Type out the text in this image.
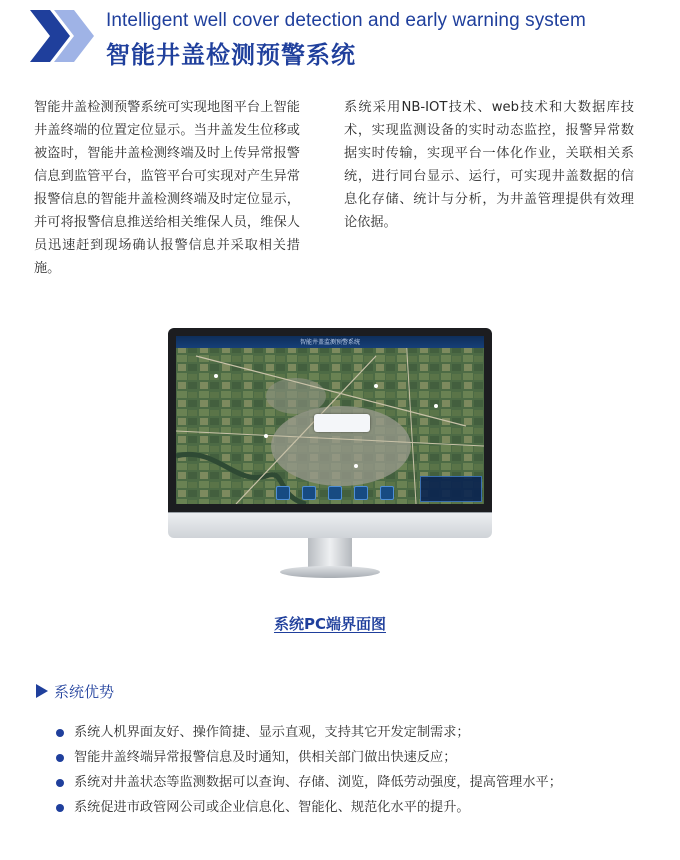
Intelligent well cover detection and early warning system
智能井盖检测预警系统

智能井盖检测预警系统可实现地图平台上智能井盖终端的位置定位显示。当井盖发生位移或被盗时，智能井盖检测终端及时上传异常报警信息到监管平台，监管平台可实现对产生异常报警信息的智能井盖检测终端及时定位显示，并可将报警信息推送给相关维保人员，维保人员迅速赶到现场确认报警信息并采取相关措施。

系统采用NB-IOT技术、web技术和大数据库技术，实现监测设备的实时动态监控，报警异常数据实时传输，实现平台一体化作业，关联相关系统，进行同台显示、运行，可实现井盖数据的信息化存储、统计与分析，为井盖管理提供有效理论依据。

智能井盖监测预警系统
系统PC端界面图
系统优势
系统人机界面友好、操作简捷、显示直观，支持其它开发定制需求；
智能井盖终端异常报警信息及时通知，供相关部门做出快速反应；
系统对井盖状态等监测数据可以查询、存储、浏览，降低劳动强度，提高管理水平；
系统促进市政管网公司或企业信息化、智能化、规范化水平的提升。
